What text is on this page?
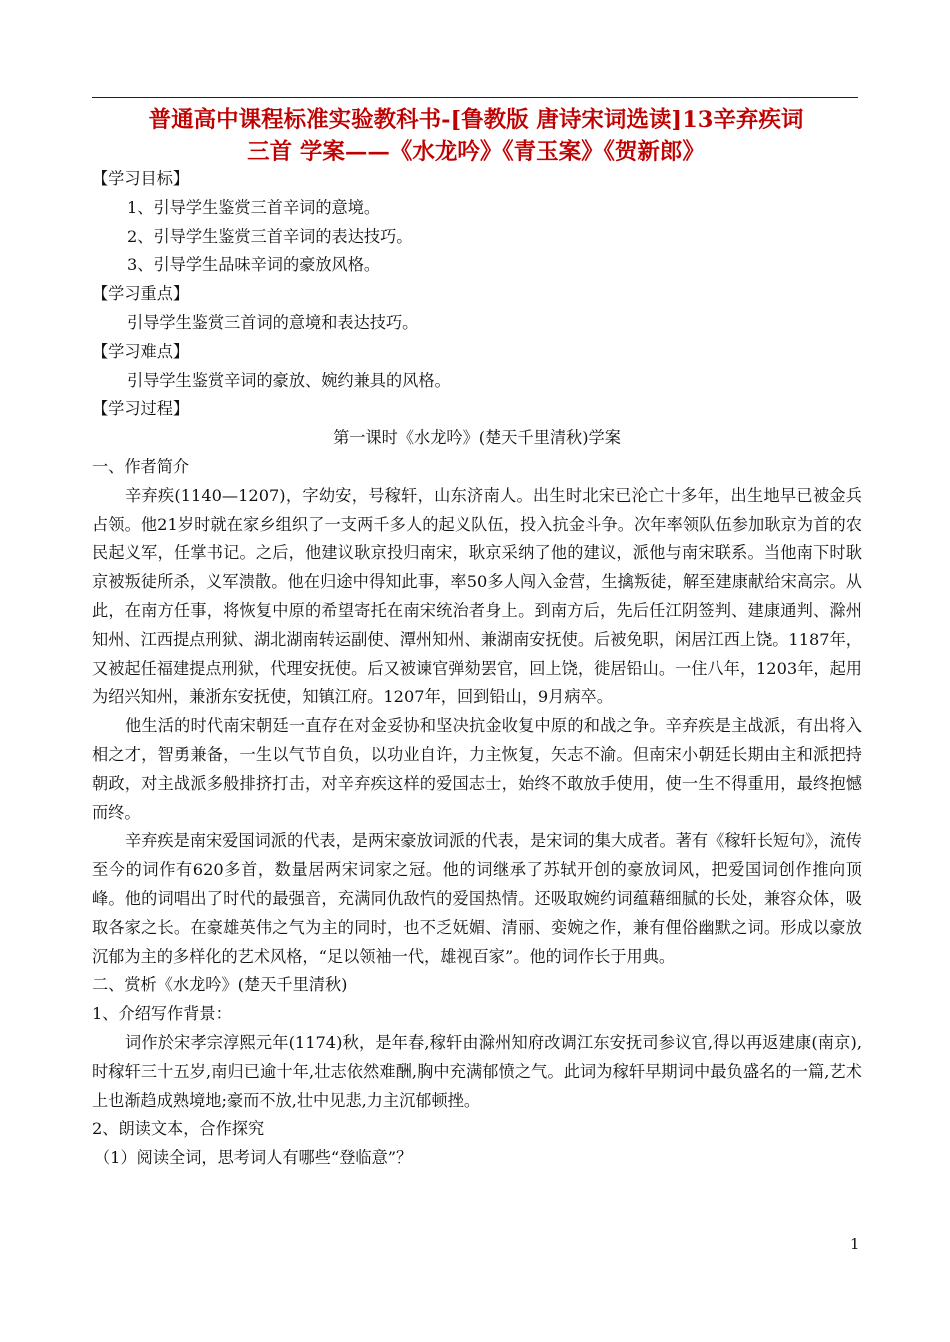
普通高中课程标准实验教科书-[鲁教版 唐诗宋词选读]13辛弃疾词
三首 学案——《水龙吟》《青玉案》《贺新郎》
【学习目标】
1、引导学生鉴赏三首辛词的意境。
2、引导学生鉴赏三首辛词的表达技巧。
3、引导学生品味辛词的豪放风格。
【学习重点】
引导学生鉴赏三首词的意境和表达技巧。
【学习难点】
引导学生鉴赏辛词的豪放、婉约兼具的风格。
【学习过程】
第一课时《水龙吟》(楚天千里清秋)学案
一、作者简介
辛弃疾(1140—1207)，字幼安，号稼轩，山东济南人。出生时北宋已沦亡十多年，出生地早已被金兵占领。他21岁时就在家乡组织了一支两千多人的起义队伍，投入抗金斗争。次年率领队伍参加耿京为首的农民起义军，任掌书记。之后，他建议耿京投归南宋，耿京采纳了他的建议，派他与南宋联系。当他南下时耿京被叛徒所杀，义军溃散。他在归途中得知此事，率50多人闯入金营，生擒叛徒，解至建康献给宋高宗。从此，在南方任事，将恢复中原的希望寄托在南宋统治者身上。到南方后，先后任江阴签判、建康通判、滁州知州、江西提点刑狱、湖北湖南转运副使、潭州知州、兼湖南安抚使。后被免职，闲居江西上饶。1187年，又被起任福建提点刑狱，代理安抚使。后又被谏官弹劾罢官，回上饶，徙居铅山。一住八年，1203年，起用为绍兴知州，兼浙东安抚使，知镇江府。1207年，回到铅山，9月病卒。
他生活的时代南宋朝廷一直存在对金妥协和坚决抗金收复中原的和战之争。辛弃疾是主战派，有出将入相之才，智勇兼备，一生以气节自负，以功业自许，力主恢复，矢志不渝。但南宋小朝廷长期由主和派把持朝政，对主战派多般排挤打击，对辛弃疾这样的爱国志士，始终不敢放手使用，使一生不得重用，最终抱憾而终。
辛弃疾是南宋爱国词派的代表，是两宋豪放词派的代表，是宋词的集大成者。著有《稼轩长短句》，流传至今的词作有620多首，数量居两宋词家之冠。他的词继承了苏轼开创的豪放词风，把爱国词创作推向顶峰。他的词唱出了时代的最强音，充满同仇敌忾的爱国热情。还吸取婉约词蕴藉细腻的长处，兼容众体，吸取各家之长。在豪雄英伟之气为主的同时，也不乏妩媚、清丽、娈婉之作，兼有俚俗幽默之词。形成以豪放沉郁为主的多样化的艺术风格，“足以领袖一代，雄视百家”。他的词作长于用典。
二、赏析《水龙吟》(楚天千里清秋)
1、介绍写作背景：
词作於宋孝宗淳熙元年(1174)秋，是年春,稼轩由滁州知府改调江东安抚司参议官,得以再返建康(南京),时稼轩三十五岁,南归已逾十年,壮志依然难酬,胸中充满郁愤之气。此词为稼轩早期词中最负盛名的一篇,艺术上也渐趋成熟境地;豪而不放,壮中见悲,力主沉郁顿挫。
2、朗读文本，合作探究
（1）阅读全词，思考词人有哪些“登临意”？
1
